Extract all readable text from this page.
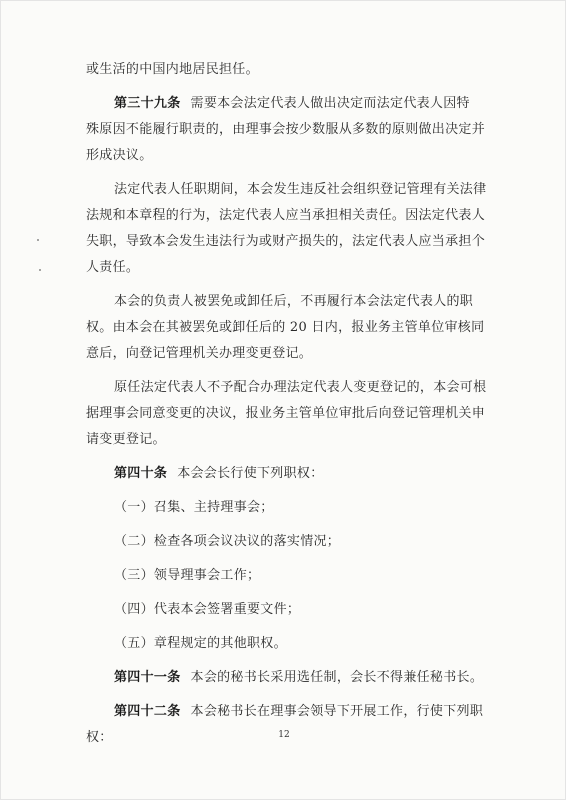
或生活的中国内地居民担任。
第三十九条 需要本会法定代表人做出决定而法定代表人因特
殊原因不能履行职责的，由理事会按少数服从多数的原则做出决定并
形成决议。
法定代表人任职期间，本会发生违反社会组织登记管理有关法律
法规和本章程的行为，法定代表人应当承担相关责任。因法定代表人
失职，导致本会发生违法行为或财产损失的，法定代表人应当承担个
人责任。
本会的负责人被罢免或卸任后，不再履行本会法定代表人的职
权。由本会在其被罢免或卸任后的 20 日内，报业务主管单位审核同
意后，向登记管理机关办理变更登记。
原任法定代表人不予配合办理法定代表人变更登记的，本会可根
据理事会同意变更的决议，报业务主管单位审批后向登记管理机关申
请变更登记。
第四十条 本会会长行使下列职权：
（一）召集、主持理事会；
（二）检查各项会议决议的落实情况；
（三）领导理事会工作；
（四）代表本会签署重要文件；
（五）章程规定的其他职权。
第四十一条 本会的秘书长采用选任制，会长不得兼任秘书长。
第四十二条 本会秘书长在理事会领导下开展工作，行使下列职
权：	12
